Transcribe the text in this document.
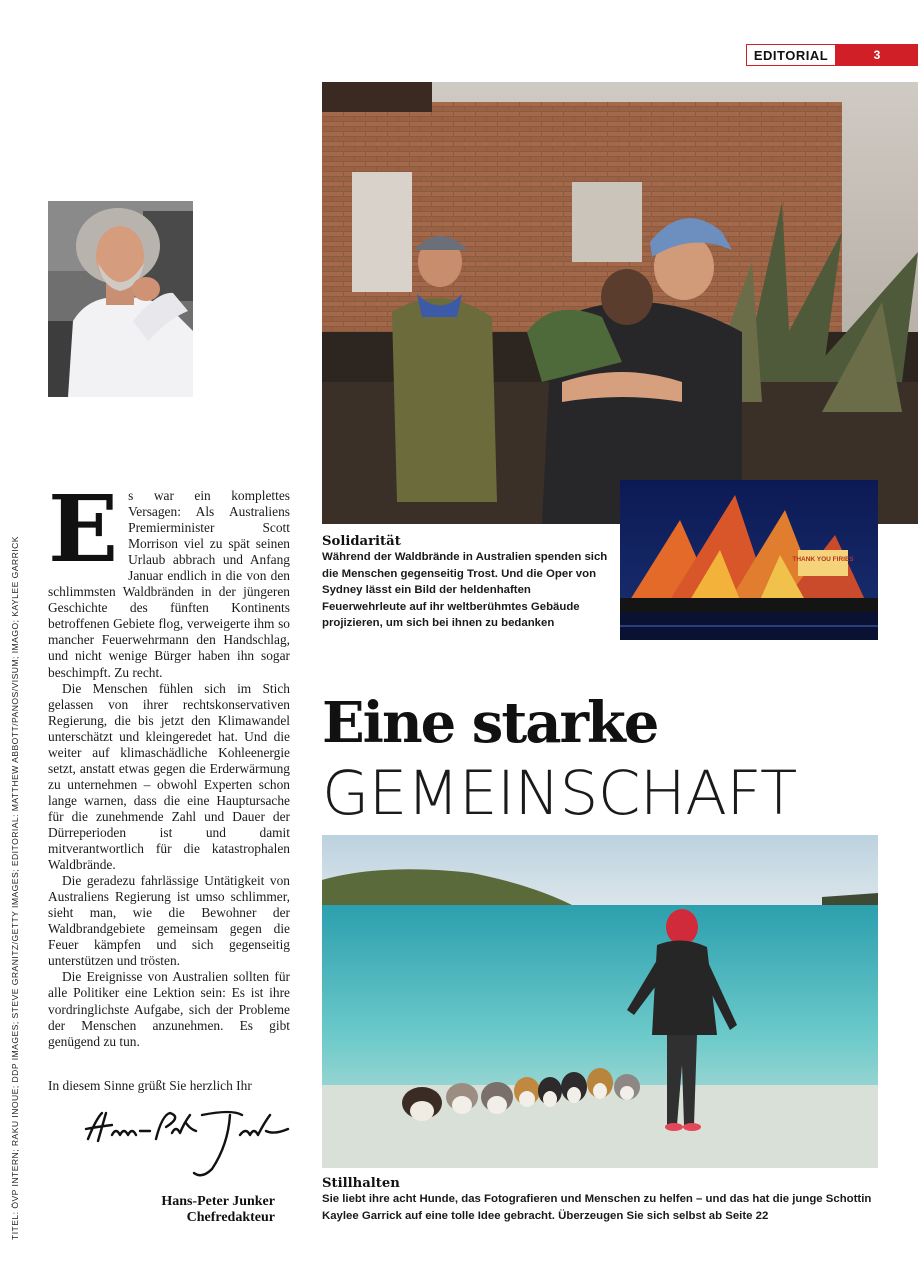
EDITORIAL	3
TITEL: ÖVP INTERN; RAKU INOUE; DDP IMAGES; STEVE GRANITZ/GETTY IMAGES; EDITORIAL: MATTHEW ABBOTT/PANOS/VISUM; IMAGO; KAYLEE GARRICK	THANK YOU FIRIES
Solidarität
Während der Waldbrände in Australien spenden sich die Menschen gegenseitig Trost. Und die Oper von Sydney lässt ein Bild der heldenhaften Feuerwehrleute auf ihr weltberühmtes Gebäude projizieren, um sich bei ihnen zu bedanken
Eine starke
GEMEINSCHAFT
Stillhalten
Sie liebt ihre acht Hunde, das Fotografieren und Menschen zu helfen – und das hat die junge Schottin Kaylee Garrick auf eine tolle Idee gebracht. Überzeugen Sie sich selbst ab Seite 22
E s war ein komplettes Versagen: Als Australiens Premierminister Scott Morrison viel zu spät seinen Urlaub abbrach und Anfang Januar endlich in die von den schlimmsten Waldbränden in der jüngeren Geschichte des fünften Kontinents betroffenen Gebiete flog, verweigerte ihm so mancher Feuerwehrmann den Handschlag, und nicht wenige Bürger haben ihn sogar beschimpft. Zu recht.

Die Menschen fühlen sich im Stich gelassen von ihrer rechtskonservativen Regierung, die bis jetzt den Klimawandel unterschätzt und kleingeredet hat. Und die weiter auf klimaschädliche Kohleenergie setzt, anstatt etwas gegen die Erderwärmung zu unternehmen – obwohl Experten schon lange warnen, dass die eine Hauptursache für die zunehmende Zahl und Dauer der Dürreperioden ist und damit mitverantwortlich für die katastrophalen Waldbrände.

Die geradezu fahrlässige Untätigkeit von Australiens Regierung ist umso schlimmer, sieht man, wie die Bewohner der Waldbrandgebiete gemeinsam gegen die Feuer kämpfen und sich gegenseitig unterstützen und trösten.

Die Ereignisse von Australien sollten für alle Politiker eine Lektion sein: Es ist ihre vordringlichste Aufgabe, sich der Probleme der Menschen anzunehmen. Es gibt genügend zu tun.

In diesem Sinne grüßt Sie herzlich Ihr
Hans-Peter Junker
Chefredakteur
